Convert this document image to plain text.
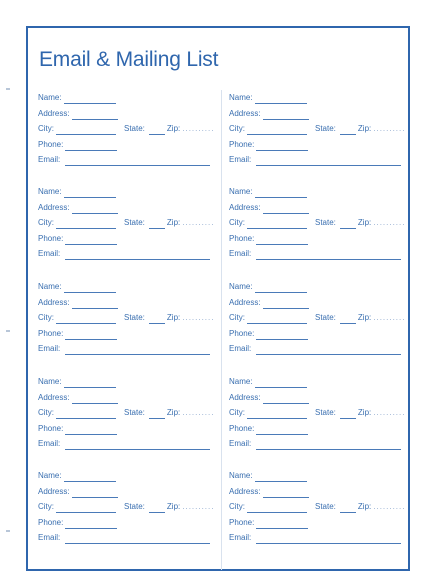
Email & Mailing List
Name:
Address:
City:	State:	Zip: ..........
Phone:
Email:
Name:
Address:
City:	State:	Zip: ..........
Phone:
Email:
Name:
Address:
City:	State:	Zip: ..........
Phone:
Email:
Name:
Address:
City:	State:	Zip: ..........
Phone:
Email:
Name:
Address:
City:	State:	Zip: ..........
Phone:
Email:
Name:
Address:
City:	State:	Zip: ..........
Phone:
Email:
Name:
Address:
City:	State:	Zip: ..........
Phone:
Email:
Name:
Address:
City:	State:	Zip: ..........
Phone:
Email:
Name:
Address:
City:	State:	Zip: ..........
Phone:
Email:
Name:
Address:
City:	State:	Zip: ..........
Phone:
Email:
